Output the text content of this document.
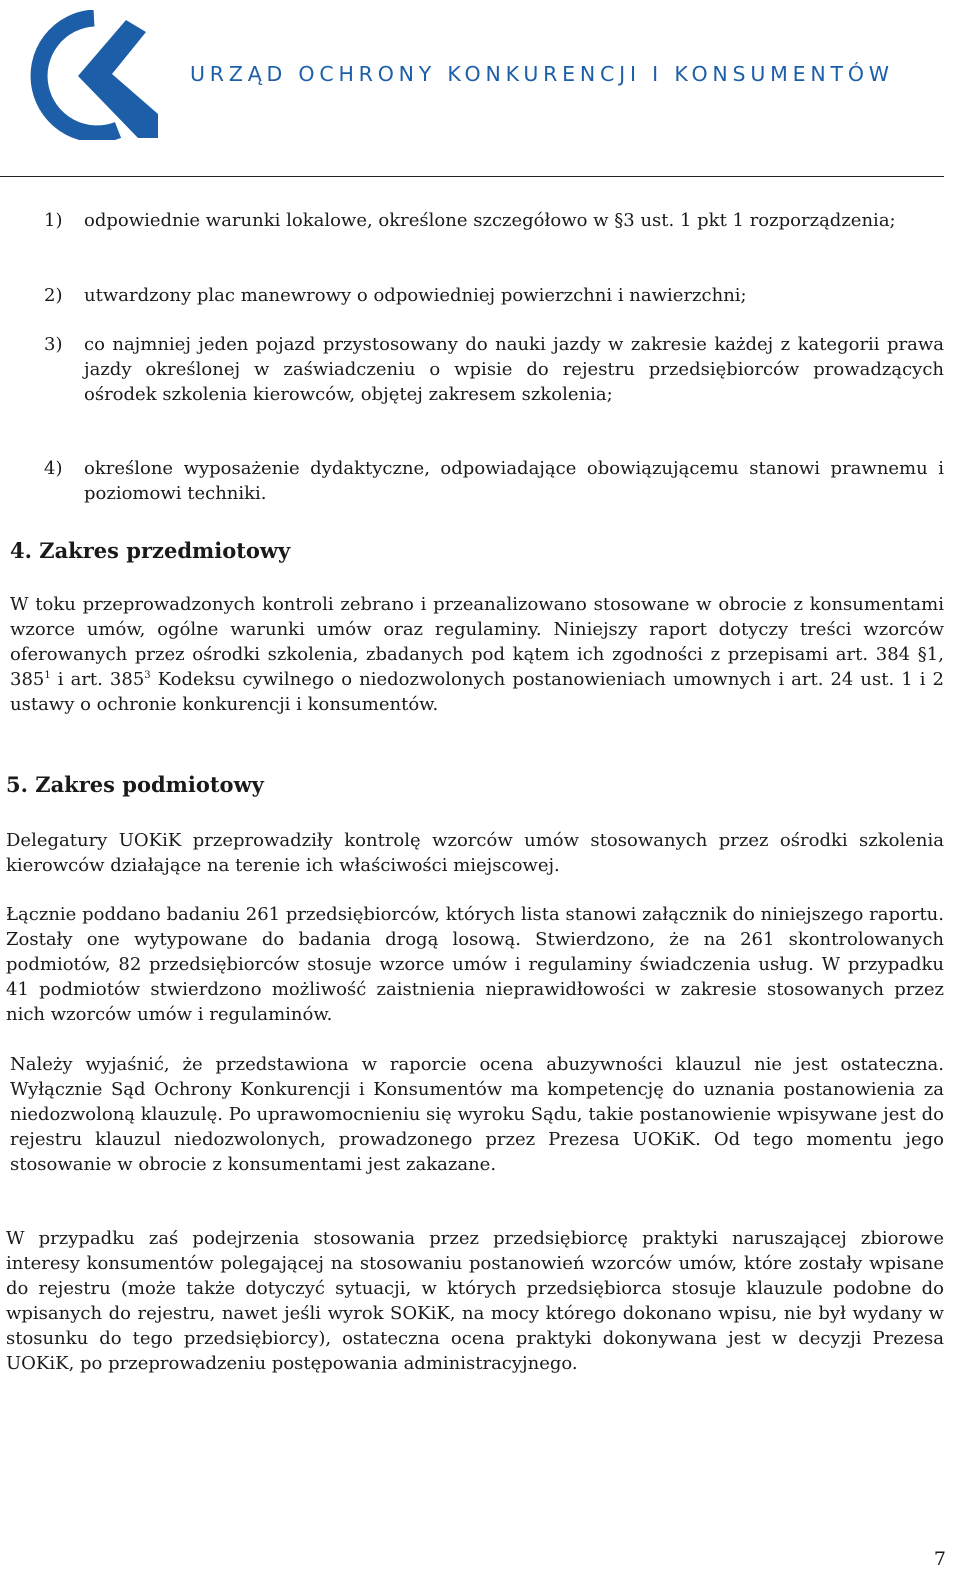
URZĄD OCHRONY KONKURENCJI I KONSUMENTÓW
1) odpowiednie warunki lokalowe, określone szczegółowo w §3 ust. 1 pkt 1 rozporządzenia;
2) utwardzony plac manewrowy o odpowiedniej powierzchni i nawierzchni;
3) co najmniej jeden pojazd przystosowany do nauki jazdy w zakresie każdej z kategorii prawa jazdy określonej w zaświadczeniu o wpisie do rejestru przedsiębiorców prowadzących ośrodek szkolenia kierowców, objętej zakresem szkolenia;
4) określone wyposażenie dydaktyczne, odpowiadające obowiązującemu stanowi prawnemu i poziomowi techniki.
4. Zakres przedmiotowy

W toku przeprowadzonych kontroli zebrano i przeanalizowano stosowane w obrocie z konsumentami wzorce umów, ogólne warunki umów oraz regulaminy. Niniejszy raport dotyczy treści wzorców oferowanych przez ośrodki szkolenia, zbadanych pod kątem ich zgodności z przepisami art. 384 §1, $385^1$ i art. $385^3$ Kodeksu cywilnego o niedozwolonych postanowieniach umownych i art. 24 ust. 1 i 2 ustawy o ochronie konkurencji i konsumentów.

5. Zakres podmiotowy

Delegatury UOKiK przeprowadziły kontrolę wzorców umów stosowanych przez ośrodki szkolenia kierowców działające na terenie ich właściwości miejscowej.

Łącznie poddano badaniu 261 przedsiębiorców, których lista stanowi załącznik do niniejszego raportu. Zostały one wytypowane do badania drogą losową. Stwierdzono, że na 261 skontrolowanych podmiotów, 82 przedsiębiorców stosuje wzorce umów i regulaminy świadczenia usług. W przypadku 41 podmiotów stwierdzono możliwość zaistnienia nieprawidłowości w zakresie stosowanych przez nich wzorców umów i regulaminów.

Należy wyjaśnić, że przedstawiona w raporcie ocena abuzywności klauzul nie jest ostateczna. Wyłącznie Sąd Ochrony Konkurencji i Konsumentów ma kompetencję do uznania postanowienia za niedozwoloną klauzulę. Po uprawomocnieniu się wyroku Sądu, takie postanowienie wpisywane jest do rejestru klauzul niedozwolonych, prowadzonego przez Prezesa UOKiK. Od tego momentu jego stosowanie w obrocie z konsumentami jest zakazane.

W przypadku zaś podejrzenia stosowania przez przedsiębiorcę praktyki naruszającej zbiorowe interesy konsumentów polegającej na stosowaniu postanowień wzorców umów, które zostały wpisane do rejestru (może także dotyczyć sytuacji, w których przedsiębiorca stosuje klauzule podobne do wpisanych do rejestru, nawet jeśli wyrok SOKiK, na mocy którego dokonano wpisu, nie był wydany w stosunku do tego przedsiębiorcy), ostateczna ocena praktyki dokonywana jest w decyzji Prezesa UOKiK, po przeprowadzeniu postępowania administracyjnego.

7
